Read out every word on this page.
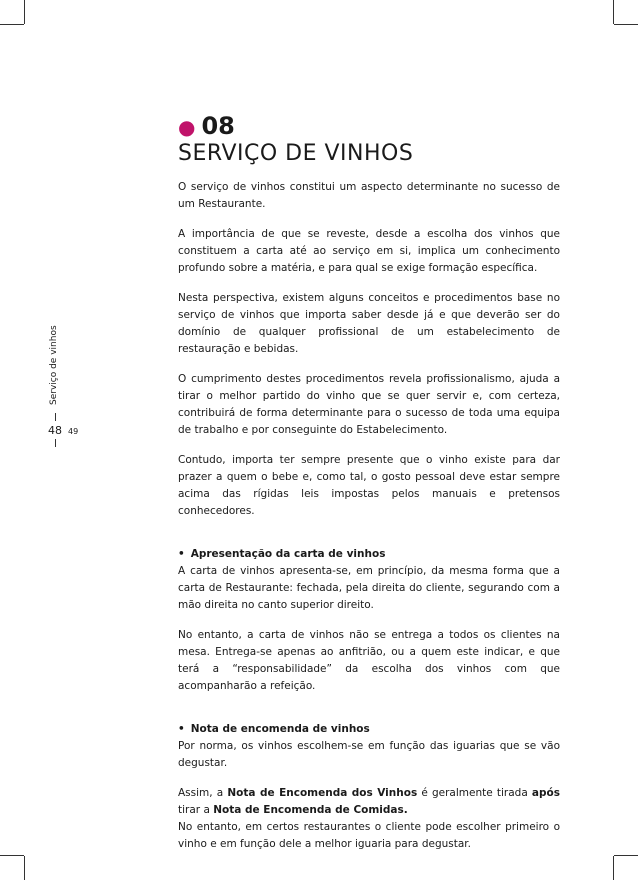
Serviço de vinhos
48 49
● 08
SERVIÇO DE VINHOS

O serviço de vinhos constitui um aspecto determinante no sucesso de um Restaurante.

A importância de que se reveste, desde a escolha dos vinhos que constituem a carta até ao serviço em si, implica um conhecimento profundo sobre a matéria, e para qual se exige formação específica.

Nesta perspectiva, existem alguns conceitos e procedimentos base no serviço de vinhos que importa saber desde já e que deverão ser do domínio de qualquer profissional de um estabelecimento de restauração e bebidas.

O cumprimento destes procedimentos revela profissionalismo, ajuda a tirar o melhor partido do vinho que se quer servir e, com certeza, contribuirá de forma determinante para o sucesso de toda uma equipa de trabalho e por conseguinte do Estabelecimento.

Contudo, importa ter sempre presente que o vinho existe para dar prazer a quem o bebe e, como tal, o gosto pessoal deve estar sempre acima das rígidas leis impostas pelos manuais e pretensos conhecedores.

• Apresentação da carta de vinhos

A carta de vinhos apresenta-se, em princípio, da mesma forma que a carta de Restaurante: fechada, pela direita do cliente, segurando com a mão direita no canto superior direito.

No entanto, a carta de vinhos não se entrega a todos os clientes na mesa. Entrega-se apenas ao anfitrião, ou a quem este indicar, e que terá a “responsabilidade” da escolha dos vinhos com que acompanharão a refeição.

• Nota de encomenda de vinhos

Por norma, os vinhos escolhem-se em função das iguarias que se vão degustar.

Assim, a Nota de Encomenda dos Vinhos é geralmente tirada após tirar a Nota de Encomenda de Comidas.

No entanto, em certos restaurantes o cliente pode escolher primeiro o vinho e em função dele a melhor iguaria para degustar.
